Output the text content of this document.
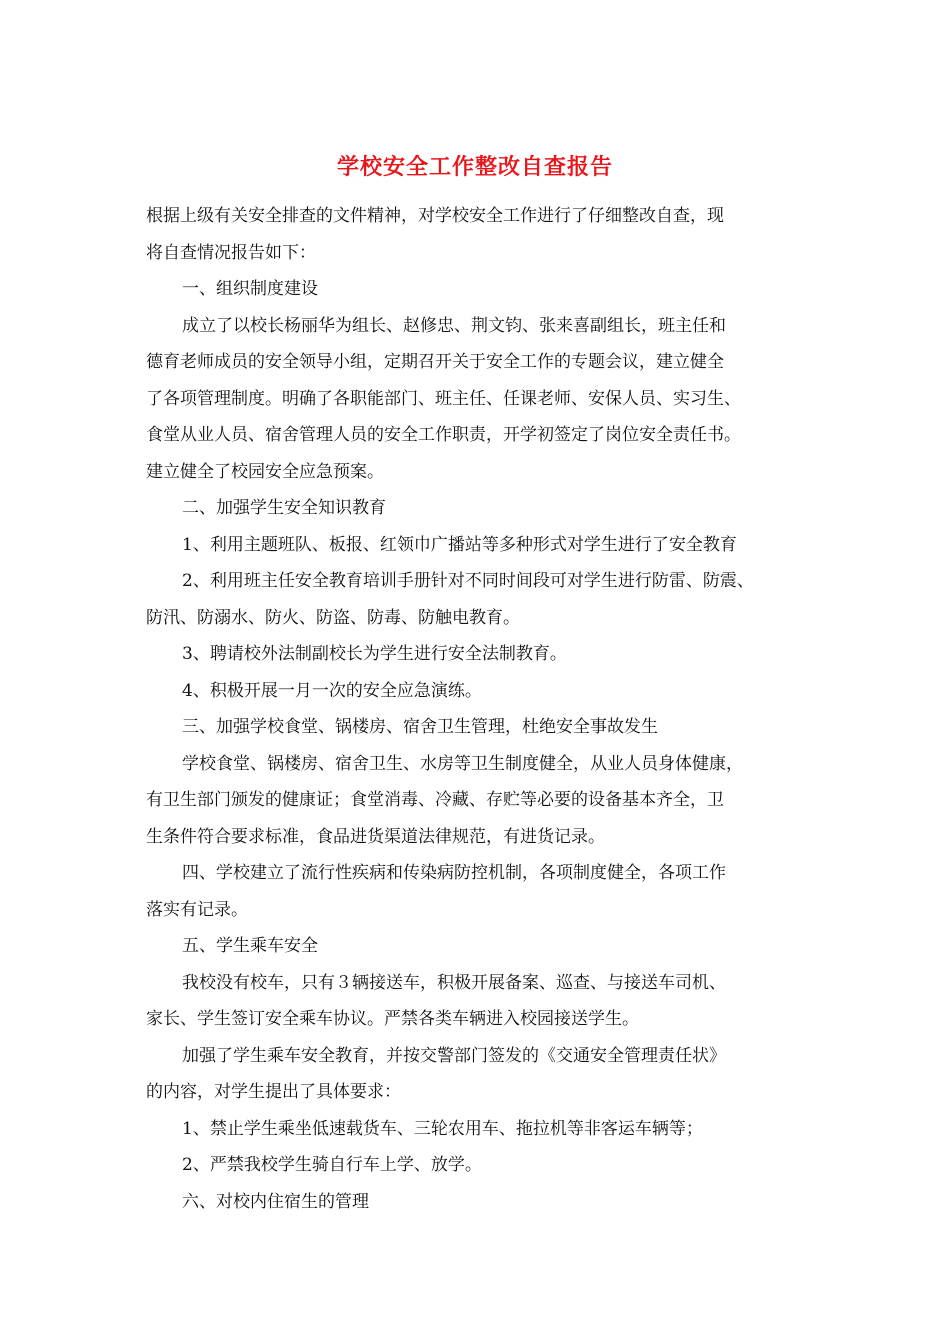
学校安全工作整改自查报告

根据上级有关安全排查的文件精神，对学校安全工作进行了仔细整改自查，现

将自查情况报告如下：

一、组织制度建设

成立了以校长杨丽华为组长、赵修忠、荆文钧、张来喜副组长，班主任和

德育老师成员的安全领导小组，定期召开关于安全工作的专题会议，建立健全

了各项管理制度。明确了各职能部门、班主任、任课老师、安保人员、实习生、

食堂从业人员、宿舍管理人员的安全工作职责，开学初签定了岗位安全责任书。

建立健全了校园安全应急预案。

二、加强学生安全知识教育

1、利用主题班队、板报、红领巾广播站等多种形式对学生进行了安全教育

2、利用班主任安全教育培训手册针对不同时间段可对学生进行防雷、防震、

防汛、防溺水、防火、防盗、防毒、防触电教育。

3、聘请校外法制副校长为学生进行安全法制教育。

4、积极开展一月一次的安全应急演练。

三、加强学校食堂、锅楼房、宿舍卫生管理，杜绝安全事故发生

学校食堂、锅楼房、宿舍卫生、水房等卫生制度健全，从业人员身体健康，

有卫生部门颁发的健康证；食堂消毒、冷藏、存贮等必要的设备基本齐全，卫

生条件符合要求标准，食品进货渠道法律规范，有进货记录。

四、学校建立了流行性疾病和传染病防控机制，各项制度健全，各项工作

落实有记录。

五、学生乘车安全

我校没有校车，只有３辆接送车，积极开展备案、巡查、与接送车司机、

家长、学生签订安全乘车协议。严禁各类车辆进入校园接送学生。

加强了学生乘车安全教育，并按交警部门签发的《交通安全管理责任状》

的内容，对学生提出了具体要求：

1、禁止学生乘坐低速载货车、三轮农用车、拖拉机等非客运车辆等；

2、严禁我校学生骑自行车上学、放学。

六、对校内住宿生的管理
